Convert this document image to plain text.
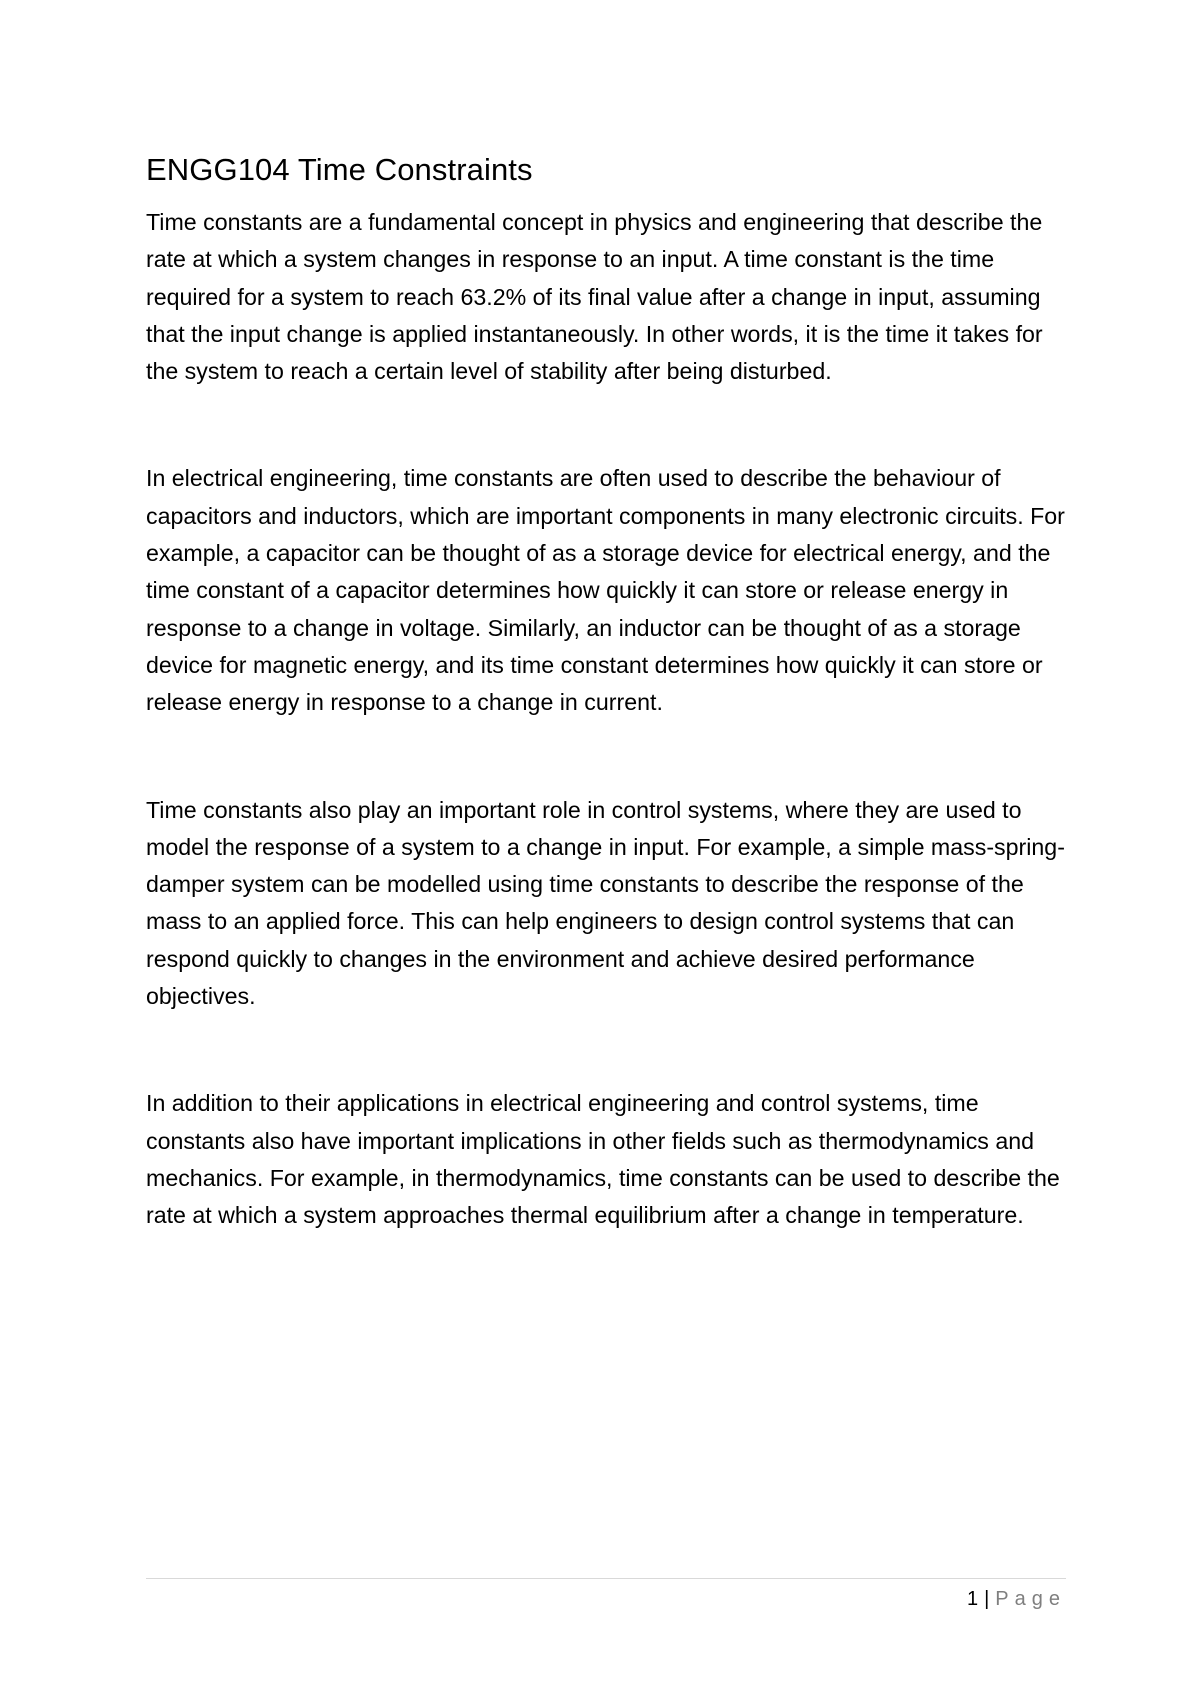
ENGG104 Time Constraints

Time constants are a fundamental concept in physics and engineering that describe the rate at which a system changes in response to an input. A time constant is the time required for a system to reach 63.2% of its final value after a change in input, assuming that the input change is applied instantaneously. In other words, it is the time it takes for the system to reach a certain level of stability after being disturbed.

In electrical engineering, time constants are often used to describe the behaviour of capacitors and inductors, which are important components in many electronic circuits. For example, a capacitor can be thought of as a storage device for electrical energy, and the time constant of a capacitor determines how quickly it can store or release energy in response to a change in voltage. Similarly, an inductor can be thought of as a storage device for magnetic energy, and its time constant determines how quickly it can store or release energy in response to a change in current.

Time constants also play an important role in control systems, where they are used to model the response of a system to a change in input. For example, a simple mass-spring-damper system can be modelled using time constants to describe the response of the mass to an applied force. This can help engineers to design control systems that can respond quickly to changes in the environment and achieve desired performance objectives.

In addition to their applications in electrical engineering and control systems, time constants also have important implications in other fields such as thermodynamics and mechanics. For example, in thermodynamics, time constants can be used to describe the rate at which a system approaches thermal equilibrium after a change in temperature.

1 | Page
